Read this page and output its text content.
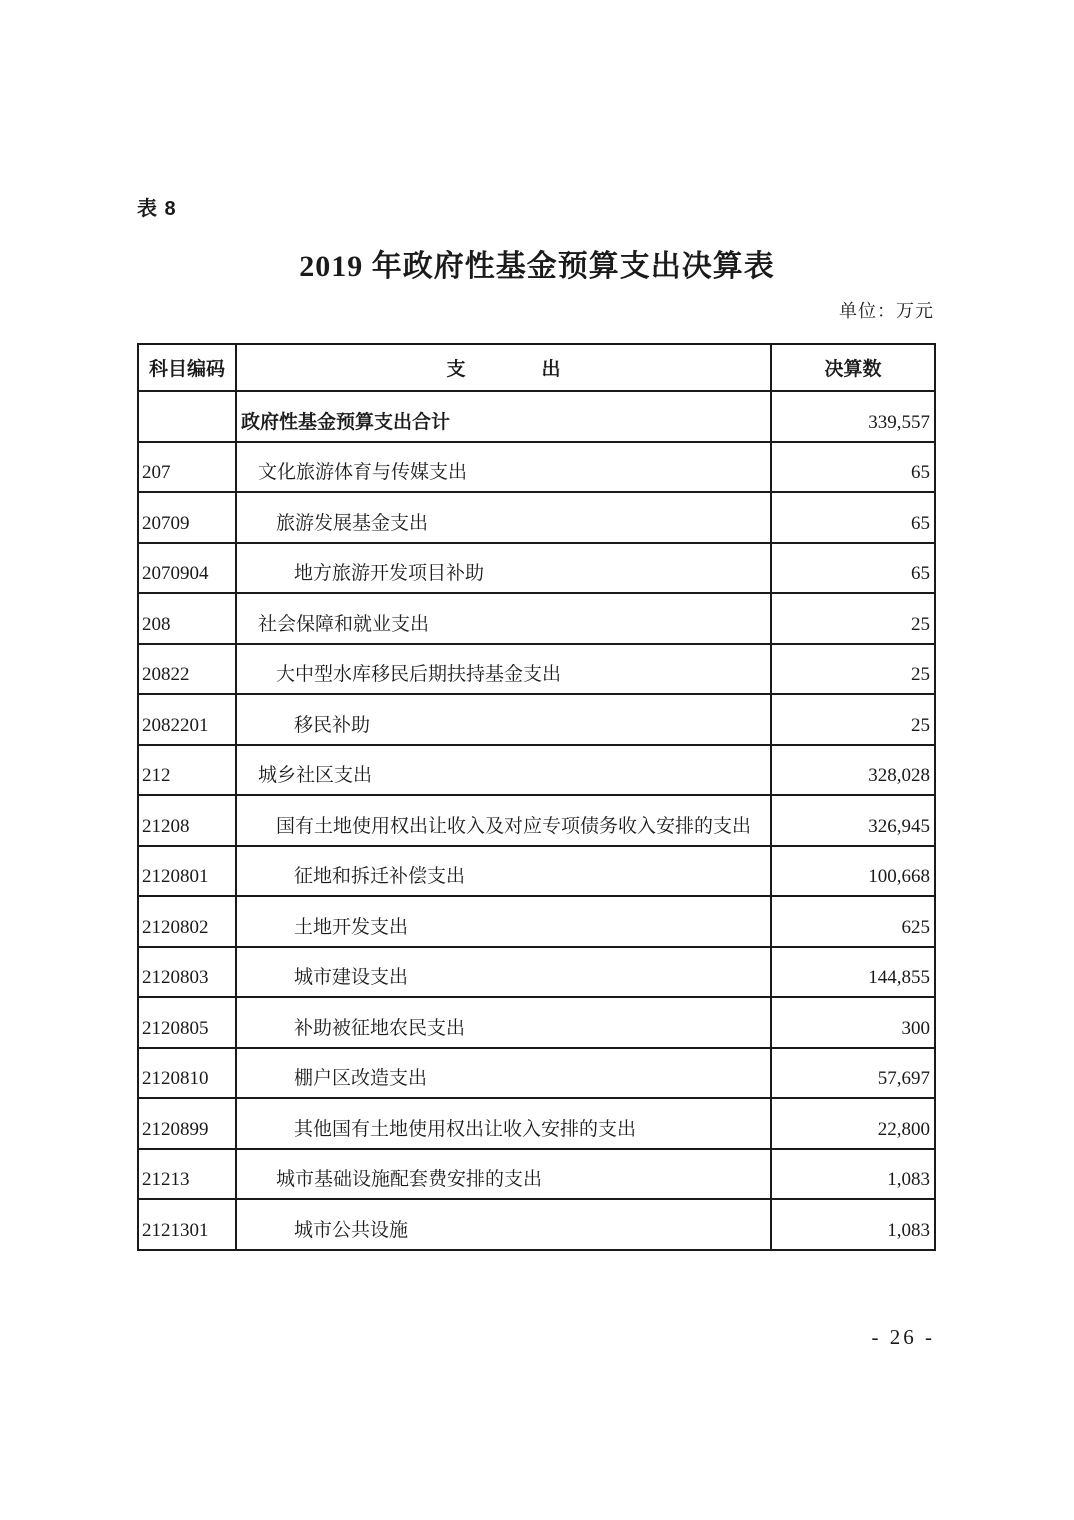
表 8
2019 年政府性基金预算支出决算表
单位：万元
科目编码	支　　　　出	决算数
	政府性基金预算支出合计	339,557
207	文化旅游体育与传媒支出	65
20709	旅游发展基金支出	65
2070904	地方旅游开发项目补助	65
208	社会保障和就业支出	25
20822	大中型水库移民后期扶持基金支出	25
2082201	移民补助	25
212	城乡社区支出	328,028
21208	国有土地使用权出让收入及对应专项债务收入安排的支出	326,945
2120801	征地和拆迁补偿支出	100,668
2120802	土地开发支出	625
2120803	城市建设支出	144,855
2120805	补助被征地农民支出	300
2120810	棚户区改造支出	57,697
2120899	其他国有土地使用权出让收入安排的支出	22,800
21213	城市基础设施配套费安排的支出	1,083
2121301	城市公共设施	1,083
- 26 -
